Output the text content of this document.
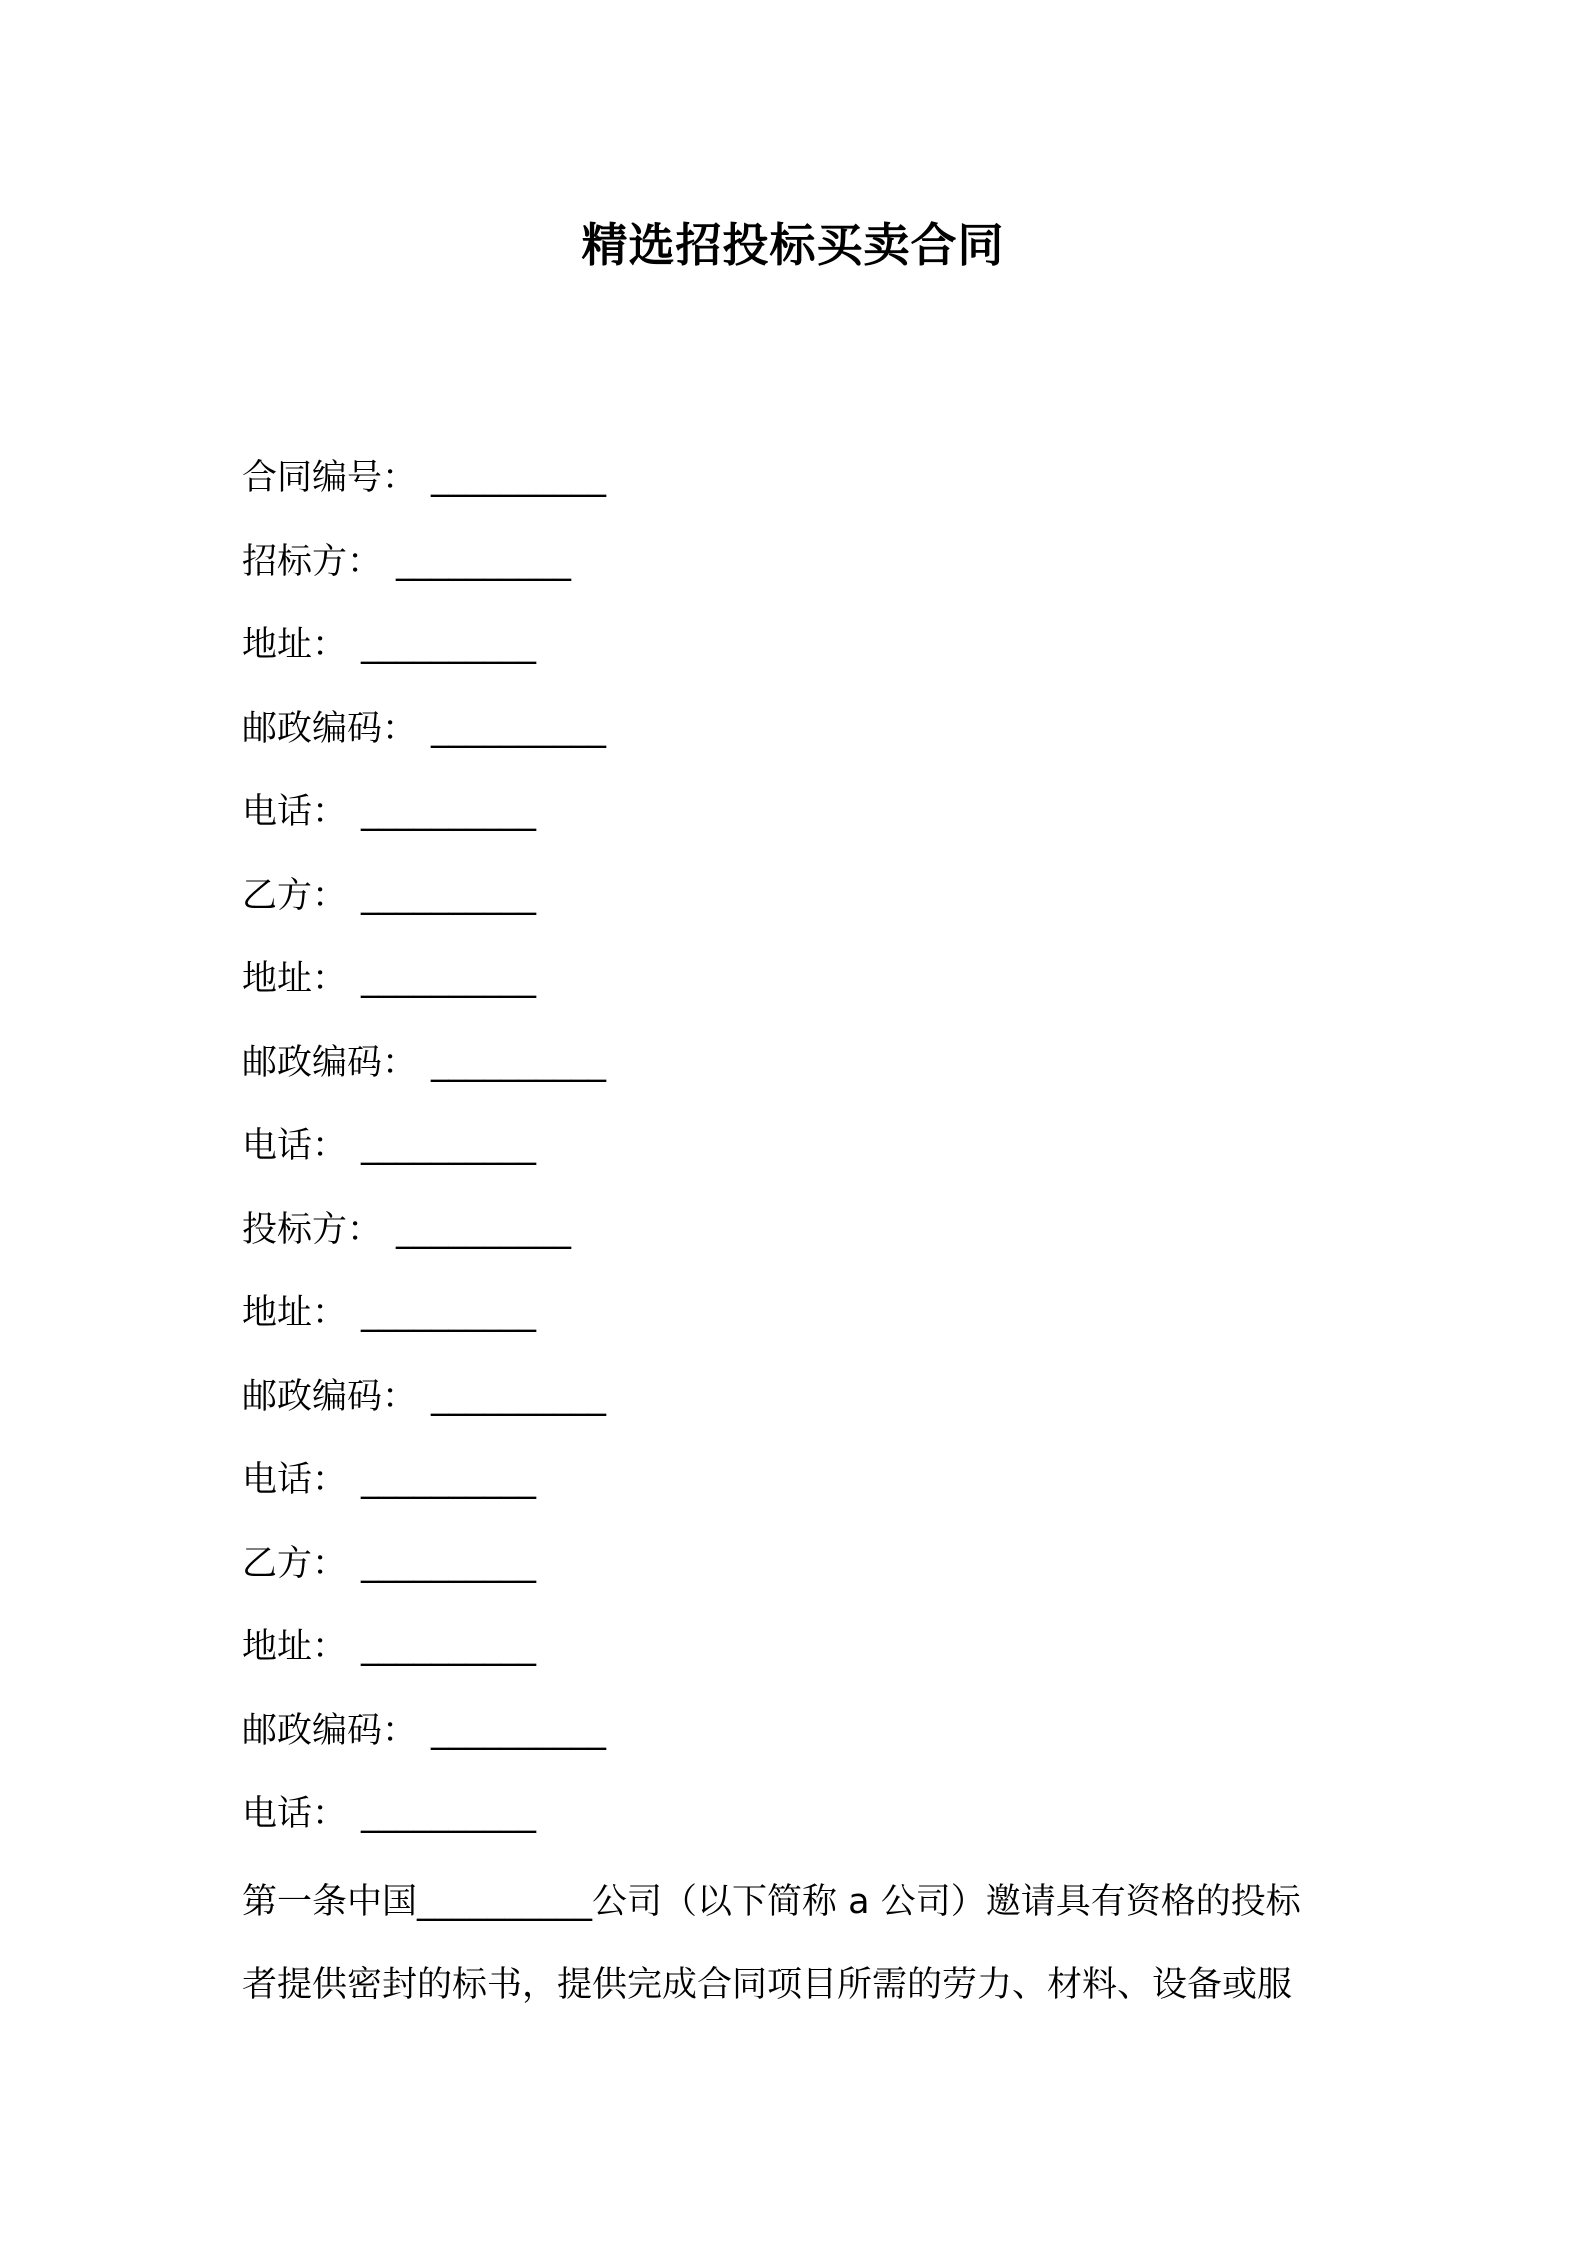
精选招投标买卖合同
合同编号： __________
招标方： __________
地址： __________
邮政编码： __________
电话： __________
乙方： __________
地址： __________
邮政编码： __________
电话： __________
投标方： __________
地址： __________
邮政编码： __________
电话： __________
乙方： __________
地址： __________
邮政编码： __________
电话： __________

第一条中国__________公司（以下简称 a 公司）邀请具有资格的投标

者提供密封的标书，提供完成合同项目所需的劳力、材料、设备或服
